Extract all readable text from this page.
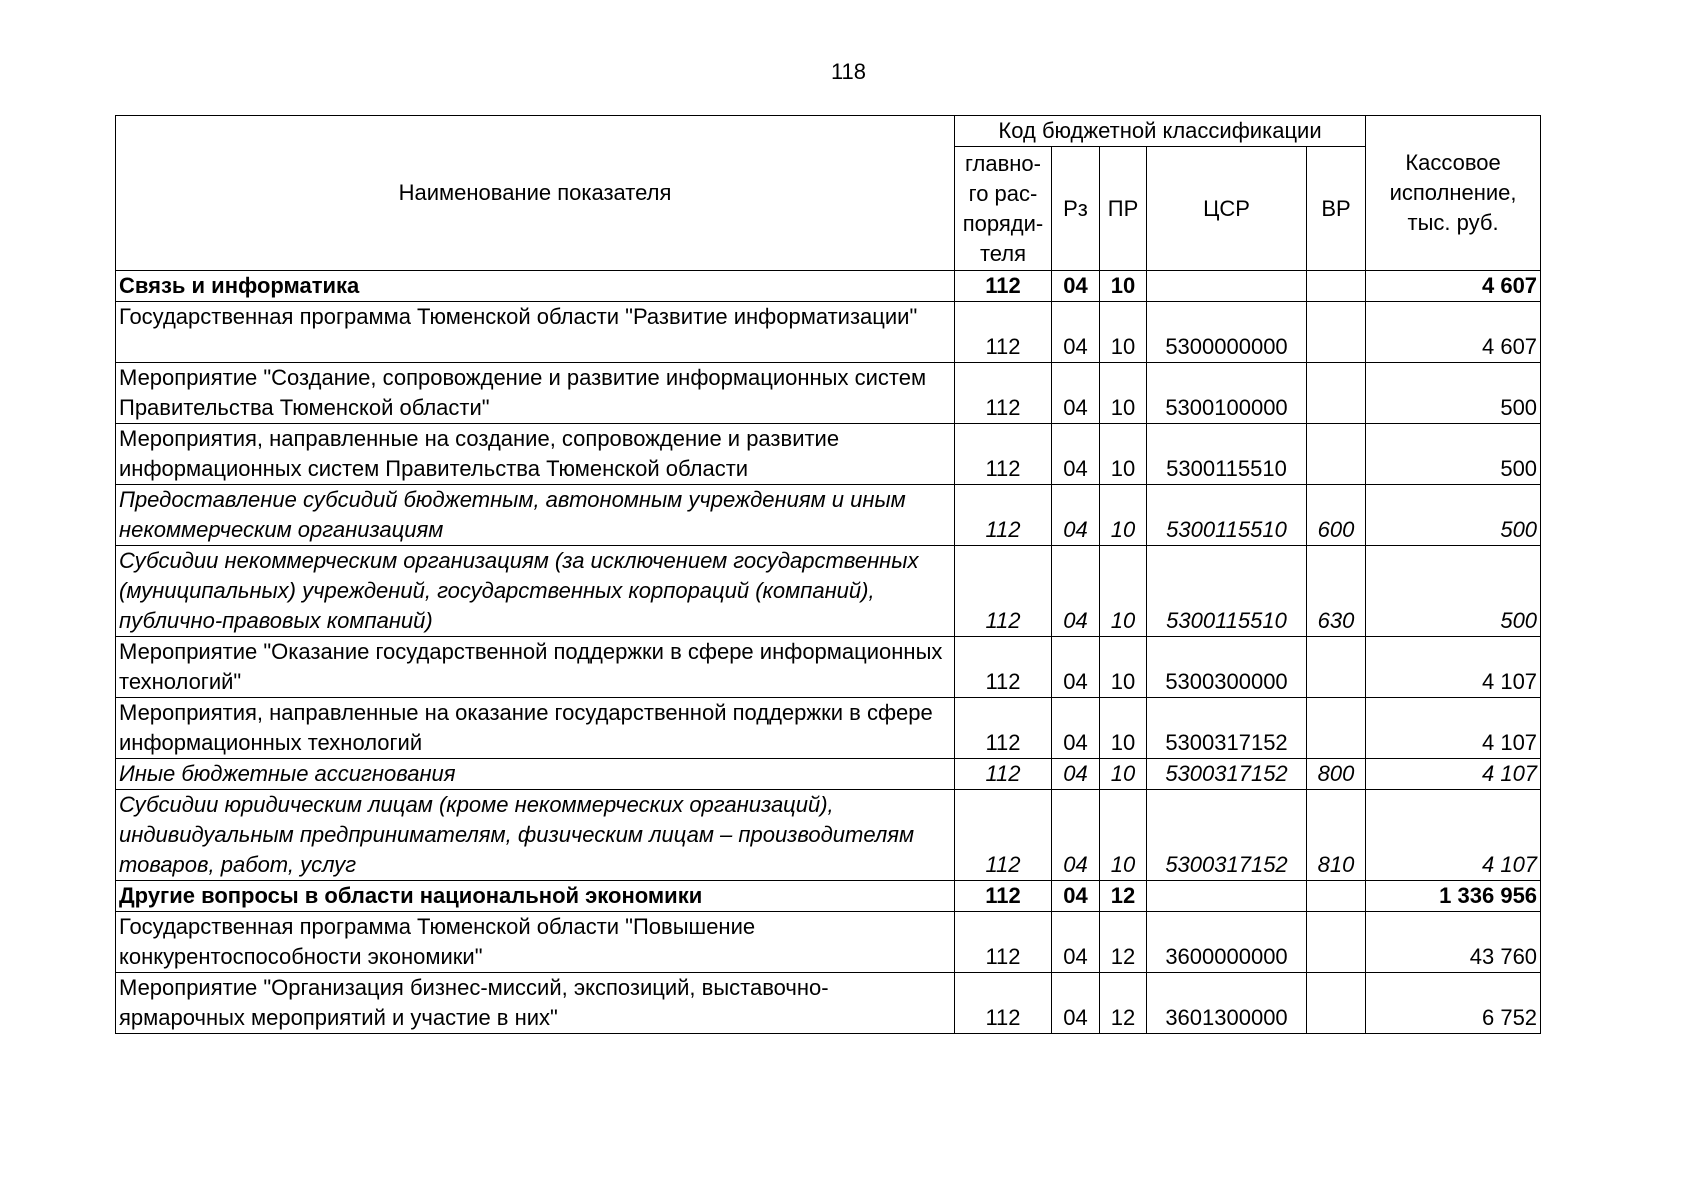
118
Наименование показателя	Код бюджетной классификации					Кассовое исполнение, тыс. руб.
	главно-го рас-поряди-теля	Рз	ПР	ЦСР	ВР	
Связь и информатика	112	04	10			4 607
Государственная программа Тюменской области "Развитие информатизации"	112	04	10	5300000000		4 607
Мероприятие "Создание, сопровождение и развитие информационных систем Правительства Тюменской области"	112	04	10	5300100000		500
Мероприятия, направленные на создание, сопровождение и развитие информационных систем Правительства Тюменской области	112	04	10	5300115510		500
Предоставление субсидий бюджетным, автономным учреждениям и иным некоммерческим организациям	112	04	10	5300115510	600	500
Субсидии некоммерческим организациям (за исключением государственных (муниципальных) учреждений, государственных корпораций (компаний), публично-правовых компаний)	112	04	10	5300115510	630	500
Мероприятие "Оказание государственной поддержки в сфере информационных технологий"	112	04	10	5300300000		4 107
Мероприятия, направленные на оказание государственной поддержки в сфере информационных технологий	112	04	10	5300317152		4 107
Иные бюджетные ассигнования	112	04	10	5300317152	800	4 107
Субсидии юридическим лицам (кроме некоммерческих организаций), индивидуальным предпринимателям, физическим лицам – производителям товаров, работ, услуг	112	04	10	5300317152	810	4 107
Другие вопросы в области национальной экономики	112	04	12			1 336 956
Государственная программа Тюменской области "Повышение конкурентоспособности экономики"	112	04	12	3600000000		43 760
Мероприятие "Организация бизнес-миссий, экспозиций, выставочно-ярмарочных мероприятий и участие в них"	112	04	12	3601300000		6 752
